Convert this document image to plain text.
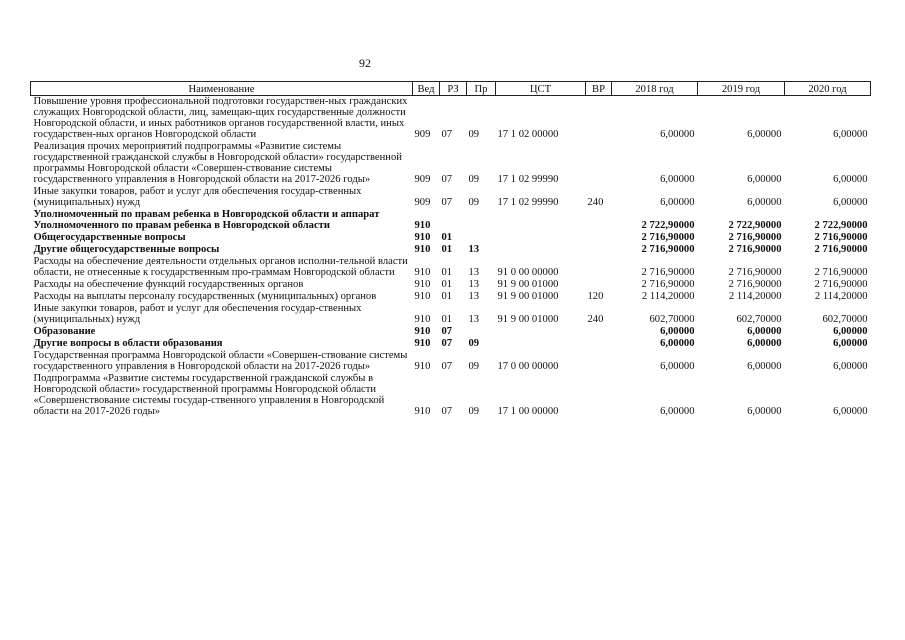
92
Наименование	Вед	РЗ	Пр	ЦСТ	ВР	2018 год	2019 год	2020 год
Повышение уровня профессиональной подготовки государствен-ных гражданских служащих Новгородской области, лиц, замещаю-щих государственные должности Новгородской области, и иных работников органов государственной власти, иных государствен-ных органов Новгородской области	909	07	09	17 1 02 00000		6,00000	6,00000	6,00000
Реализация прочих мероприятий подпрограммы «Развитие системы государственной гражданской службы в Новгородской области» государственной программы Новгородской области «Совершен-ствование системы государственного управления в Новгородской области на 2017-2026 годы»	909	07	09	17 1 02 99990		6,00000	6,00000	6,00000
Иные закупки товаров, работ и услуг для обеспечения государ-ственных (муниципальных) нужд	909	07	09	17 1 02 99990	240	6,00000	6,00000	6,00000
Уполномоченный по правам ребенка в Новгородской области и аппарат Уполномоченного по правам ребенка в Новгородской области	910					2 722,90000	2 722,90000	2 722,90000
Общегосударственные вопросы	910	01				2 716,90000	2 716,90000	2 716,90000
Другие общегосударственные вопросы	910	01	13			2 716,90000	2 716,90000	2 716,90000
Расходы на обеспечение деятельности отдельных органов исполни-тельной власти области, не отнесенные к государственным про-граммам Новгородской области	910	01	13	91 0 00 00000		2 716,90000	2 716,90000	2 716,90000
Расходы на обеспечение функций государственных органов	910	01	13	91 9 00 01000		2 716,90000	2 716,90000	2 716,90000
Расходы на выплаты персоналу государственных (муниципальных) органов	910	01	13	91 9 00 01000	120	2 114,20000	2 114,20000	2 114,20000
Иные закупки товаров, работ и услуг для обеспечения государ-ственных (муниципальных) нужд	910	01	13	91 9 00 01000	240	602,70000	602,70000	602,70000
Образование	910	07				6,00000	6,00000	6,00000
Другие вопросы в области образования	910	07	09			6,00000	6,00000	6,00000
Государственная программа Новгородской области «Совершен-ствование системы государственного управления в Новгородской области на 2017-2026 годы»	910	07	09	17 0 00 00000		6,00000	6,00000	6,00000
Подпрограмма «Развитие системы государственной гражданской службы в Новгородской области» государственной программы Новгородской области «Совершенствование системы государ-ственного управления в Новгородской области на 2017-2026 годы»	910	07	09	17 1 00 00000		6,00000	6,00000	6,00000
